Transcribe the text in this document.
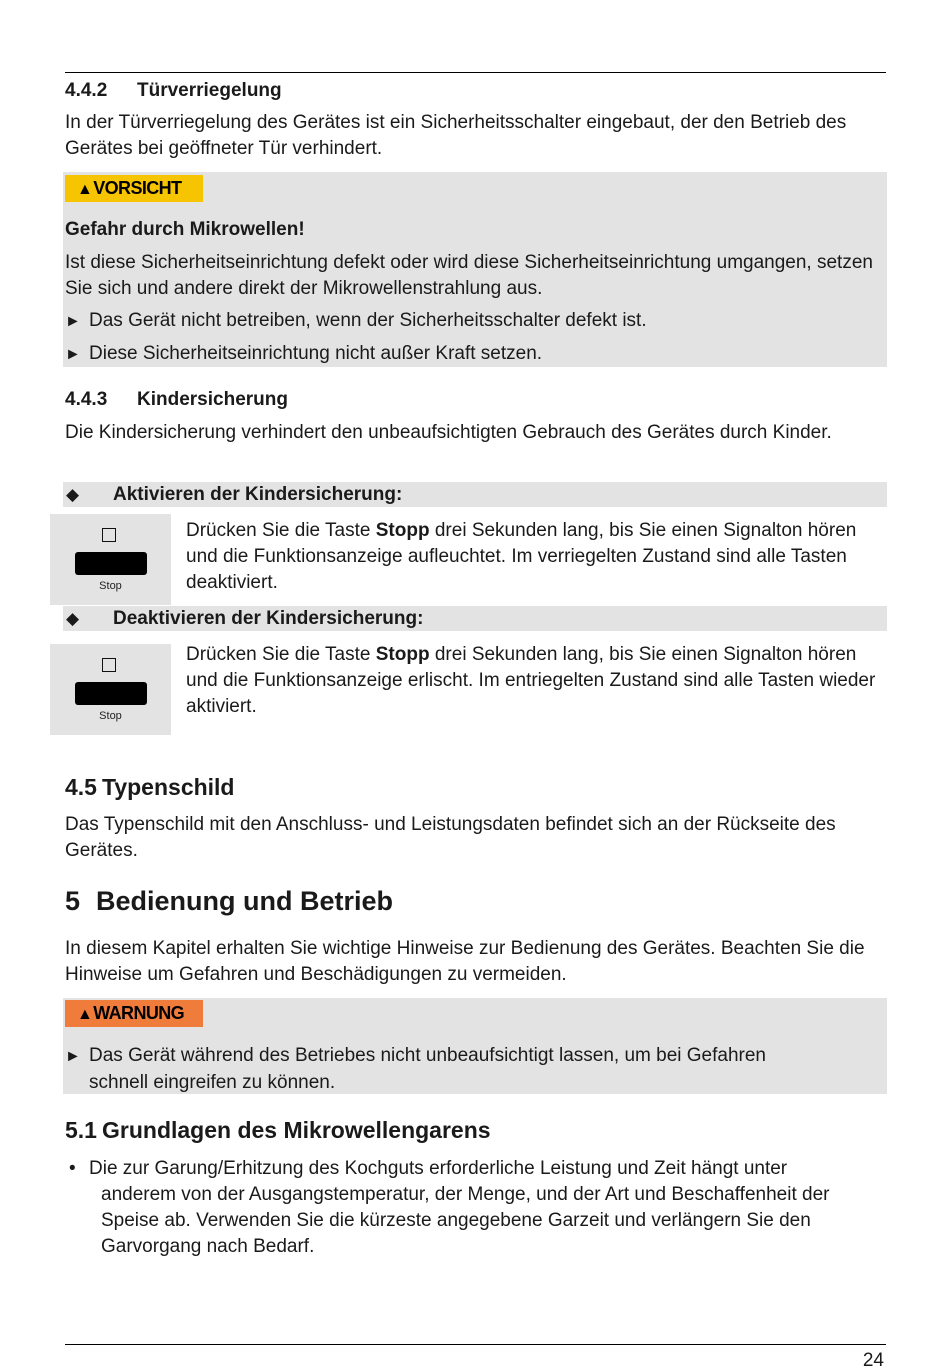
4.4.2 Türverriegelung

In der Türverriegelung des Gerätes ist ein Sicherheitsschalter eingebaut, der den Betrieb des Gerätes bei geöffneter Tür verhindert.

▲VORSICHT
Gefahr durch Mikrowellen!

Ist diese Sicherheitseinrichtung defekt oder wird diese Sicherheitseinrichtung umgangen, setzen Sie sich und andere direkt der Mikrowellenstrahlung aus.

► Das Gerät nicht betreiben, wenn der Sicherheitsschalter defekt ist.
► Diese Sicherheitseinrichtung nicht außer Kraft setzen.
4.4.3 Kindersicherung

Die Kindersicherung verhindert den unbeaufsichtigten Gebrauch des Gerätes durch Kinder.

◆ Aktivieren der Kindersicherung:
Stop
Drücken Sie die Taste Stopp drei Sekunden lang, bis Sie einen Signalton hören und die Funktionsanzeige aufleuchtet. Im verriegelten Zustand sind alle Tasten deaktiviert.
◆ Deaktivieren der Kindersicherung:
Stop
Drücken Sie die Taste Stopp drei Sekunden lang, bis Sie einen Signalton hören und die Funktionsanzeige erlischt. Im entriegelten Zustand sind alle Tasten wieder aktiviert.
4.5 Typenschild

Das Typenschild mit den Anschluss- und Leistungsdaten befindet sich an der Rückseite des Gerätes.

5 Bedienung und Betrieb

In diesem Kapitel erhalten Sie wichtige Hinweise zur Bedienung des Gerätes. Beachten Sie die Hinweise um Gefahren und Beschädigungen zu vermeiden.

▲WARNUNG
► Das Gerät während des Betriebes nicht unbeaufsichtigt lassen, um bei Gefahren
schnell eingreifen zu können.
5.1 Grundlagen des Mikrowellengarens
• Die zur Garung/Erhitzung des Kochguts erforderliche Leistung und Zeit hängt unter
anderem von der Ausgangstemperatur, der Menge, und der Art und Beschaffenheit der Speise ab. Verwenden Sie die kürzeste angegebene Garzeit und verlängern Sie den Garvorgang nach Bedarf.
24
